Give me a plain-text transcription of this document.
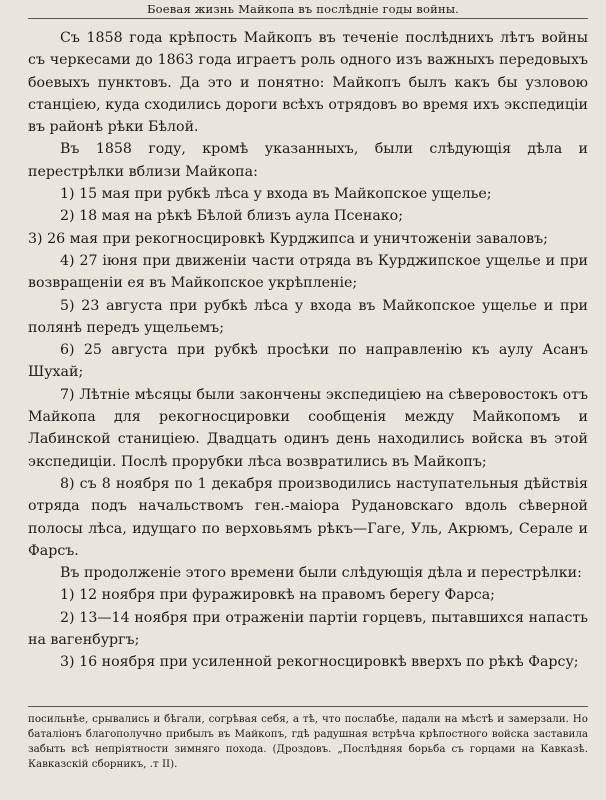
Боевая жизнь Майкопа въ послѣдніе годы войны.

Съ 1858 года крѣпость Майкопъ въ теченіе послѣднихъ лѣтъ войны съ черкесами до 1863 года играетъ роль одного изъ важныхъ передовыхъ боевыхъ пунктовъ. Да это и понятно: Майкопъ былъ какъ бы узловою станціею, куда сходились дороги всѣхъ отрядовъ во время ихъ экспедиціи въ районѣ рѣки Бѣлой.

Въ 1858 году, кромѣ указанныхъ, были слѣдующія дѣла и перестрѣлки вблизи Майкопа:

1) 15 мая при рубкѣ лѣса у входа въ Майкопское ущелье;

2) 18 мая на рѣкѣ Бѣлой близъ аула Псенако;

3) 26 мая при рекогносцировкѣ Курджипса и уничтоженіи заваловъ;

4) 27 іюня при движеніи части отряда въ Курджипское ущелье и при возвращеніи ея въ Майкопское укрѣпленіе;

5) 23 августа при рубкѣ лѣса у входа въ Майкопское ущелье и при полянѣ передъ ущельемъ;

6) 25 августа при рубкѣ просѣки по направленію къ аулу Асанъ Шухай;

7) Лѣтніе мѣсяцы были закончены экспедиціею на сѣверовостокъ отъ Майкопа для рекогносцировки сообщенія между Майкопомъ и Лабинской станиціею. Двадцать одинъ день находились войска въ этой экспедиціи. Послѣ прорубки лѣса возвратились въ Майкопъ;

8) съ 8 ноября по 1 декабря производились наступательныя дѣйствія отряда подъ начальствомъ ген.-маіора Рудановскаго вдоль сѣверной полосы лѣса, идущаго по верховьямъ рѣкъ—Гаге, Уль, Акрюмъ, Серале и Фарсъ.

Въ продолженіе этого времени были слѣдующія дѣла и перестрѣлки:

1) 12 ноября при фуражировкѣ на правомъ берегу Фарса;

2) 13—14 ноября при отраженіи партіи горцевъ, пытавшихся напасть на вагенбургъ;

3) 16 ноября при усиленной рекогносцировкѣ вверхъ по рѣкѣ Фарсу;

посильнѣе, срывались и бѣгали, согрѣвая себя, а тѣ, что послабѣе, падали на мѣстѣ и замерзали. Но баталіонъ благополучно прибылъ въ Майкопъ, гдѣ радушная встрѣча крѣпостного войска заставила забыть всѣ непріятности зимняго похода. (Дроздовъ. „Послѣдняя борьба съ горцами на Кавказѣ. Кавказскій сборникъ, .т II).
